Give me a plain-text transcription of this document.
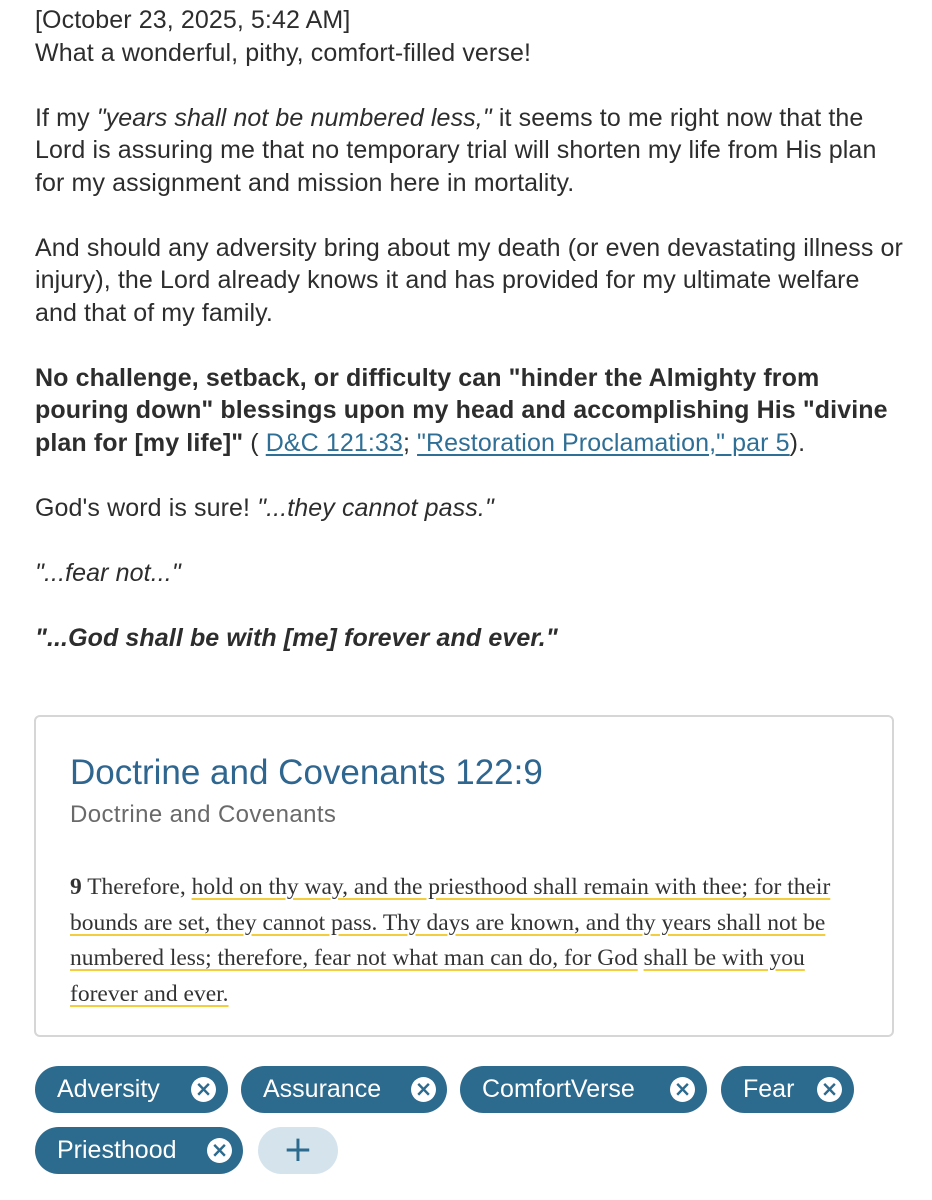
[October 23, 2025, 5:42 AM]

What a wonderful, pithy, comfort-filled verse!

If my "years shall not be numbered less," it seems to me right now that the Lord is assuring me that no temporary trial will shorten my life from His plan for my assignment and mission here in mortality.

And should any adversity bring about my death (or even devastating illness or injury), the Lord already knows it and has provided for my ultimate welfare and that of my family.

No challenge, setback, or difficulty can "hinder the Almighty from pouring down" blessings upon my head and accomplishing His "divine plan for [my life]" ( D&C 121:33; "Restoration Proclamation," par 5).

God's word is sure! "...they cannot pass."

"...fear not..."

"...God shall be with [me] forever and ever."

Doctrine and Covenants 122:9
Doctrine and Covenants
9 Therefore, hold on thy way, and the priesthood shall remain with thee; for their bounds are set, they cannot pass. Thy days are known, and thy years shall not be numbered less; therefore, fear not what man can do, for God shall be with you forever and ever.
Adversity × Assurance × ComfortVerse × Fear ×
Priesthood ×	+
